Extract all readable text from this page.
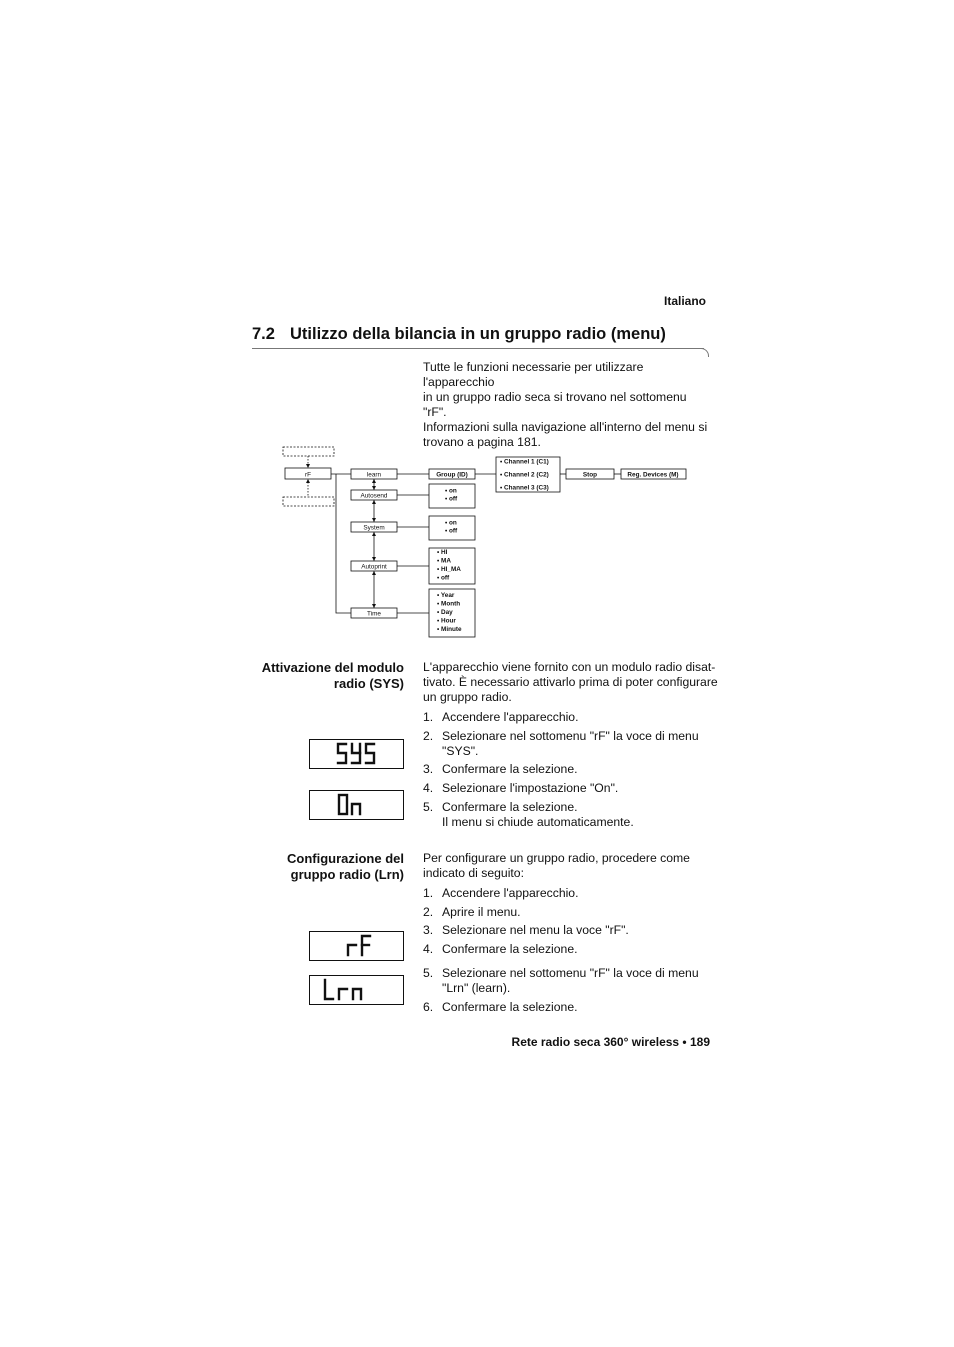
Italiano
7.2 Utilizzo della bilancia in un gruppo radio (menu)
Tutte le funzioni necessarie per utilizzare l'apparecchio
in un gruppo radio seca si trovano nel sottomenu "rF".
Informazioni sulla navigazione all'interno del menu si
trovano a pagina 181.
rF	learn
Autosend
System
Autoprint
Time
Group (ID)	Stop	Reg. Devices (M)
• Channel 1 (C1)
• Channel 2 (C2)
• Channel 3 (C3)
• on
• off
• on
• off
• HI
• MA
• HI_MA
• off
• Year
• Month
• Day
• Hour
• Minute
Attivazione del modulo
radio (SYS)
L'apparecchio viene fornito con un modulo radio disat-
tivato. È necessario attivarlo prima di poter configurare
un gruppo radio.
1. Accendere l'apparecchio.
2. Selezionare nel sottomenu "rF" la voce di menu
"SYS".
3. Confermare la selezione.
4. Selezionare l'impostazione "On".
5. Confermare la selezione.
Il menu si chiude automaticamente.
Configurazione del
gruppo radio (Lrn)
Per configurare un gruppo radio, procedere come
indicato di seguito:
1. Accendere l'apparecchio.
2. Aprire il menu.
3. Selezionare nel menu la voce "rF".
4. Confermare la selezione.
5. Selezionare nel sottomenu "rF" la voce di menu
"Lrn" (learn).
6. Confermare la selezione.
Rete radio seca 360° wireless • 189
